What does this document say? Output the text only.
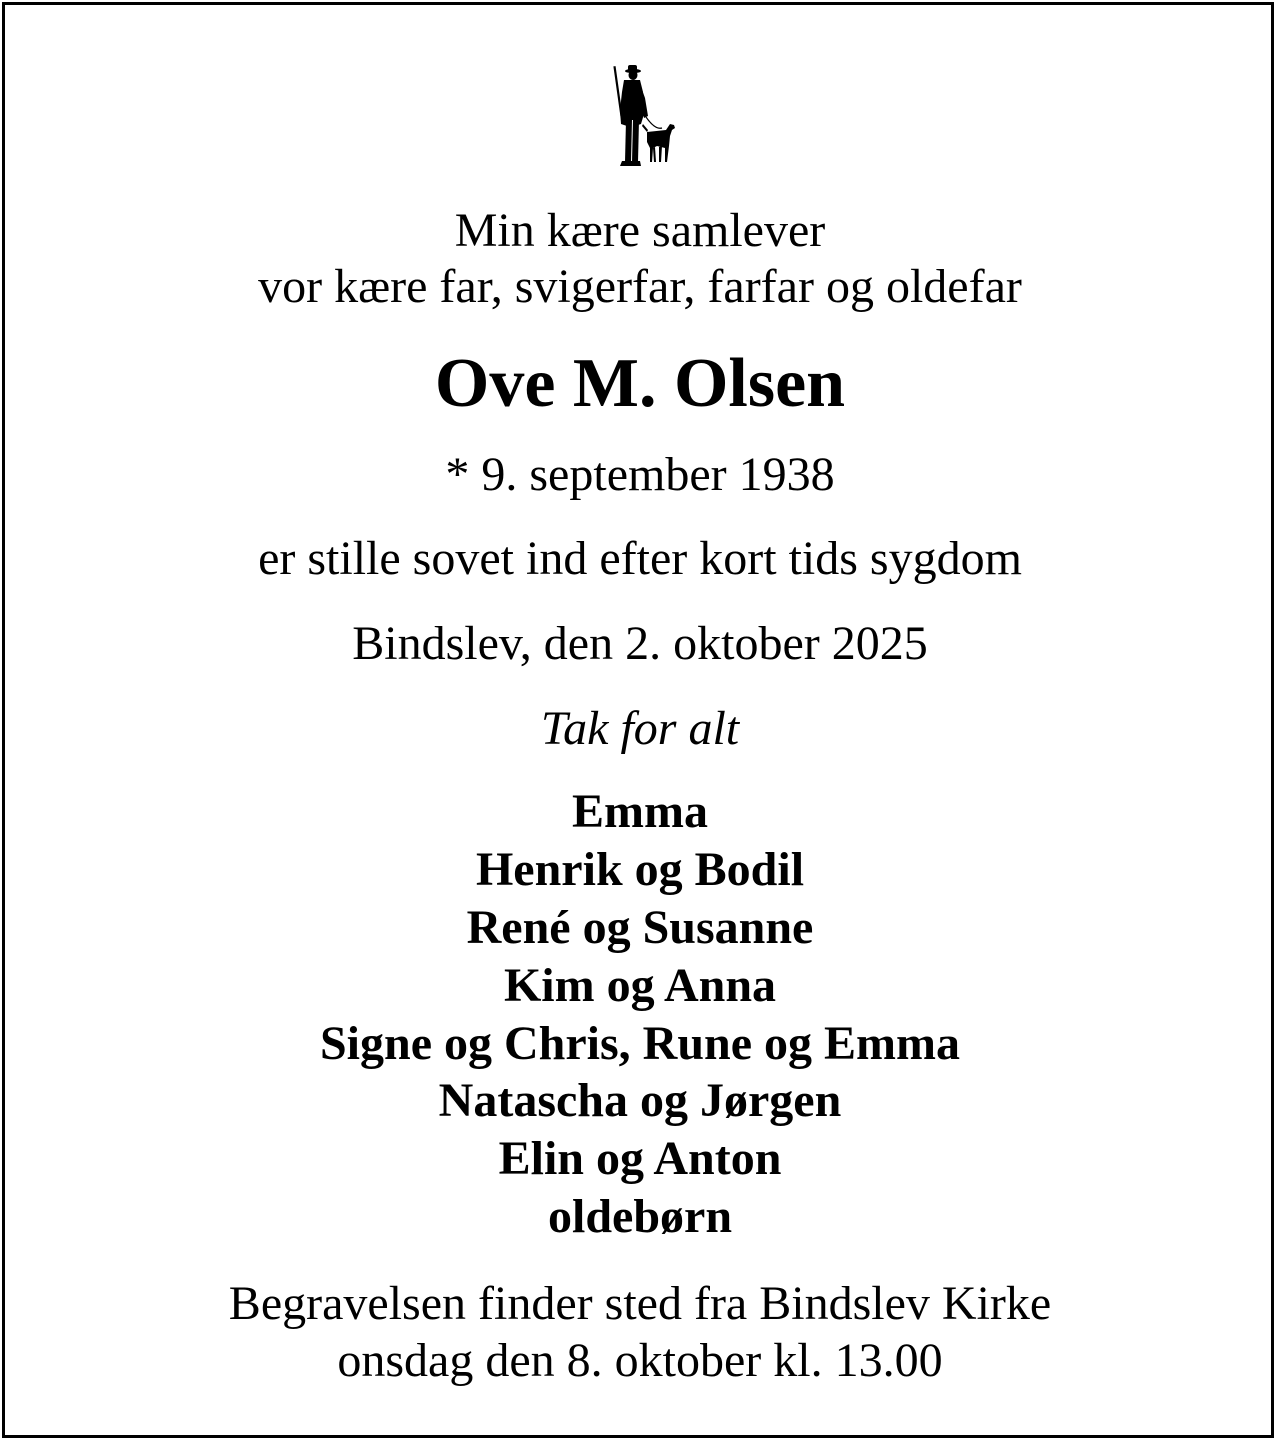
Min kære samlever
vor kære far, svigerfar, farfar og oldefar
Ove M. Olsen
* 9. september 1938
er stille sovet ind efter kort tids sygdom
Bindslev, den 2. oktober 2025
Tak for alt
Emma
Henrik og Bodil
René og Susanne
Kim og Anna
Signe og Chris, Rune og Emma
Natascha og Jørgen
Elin og Anton
oldebørn
Begravelsen finder sted fra Bindslev Kirke
onsdag den 8. oktober kl. 13.00
